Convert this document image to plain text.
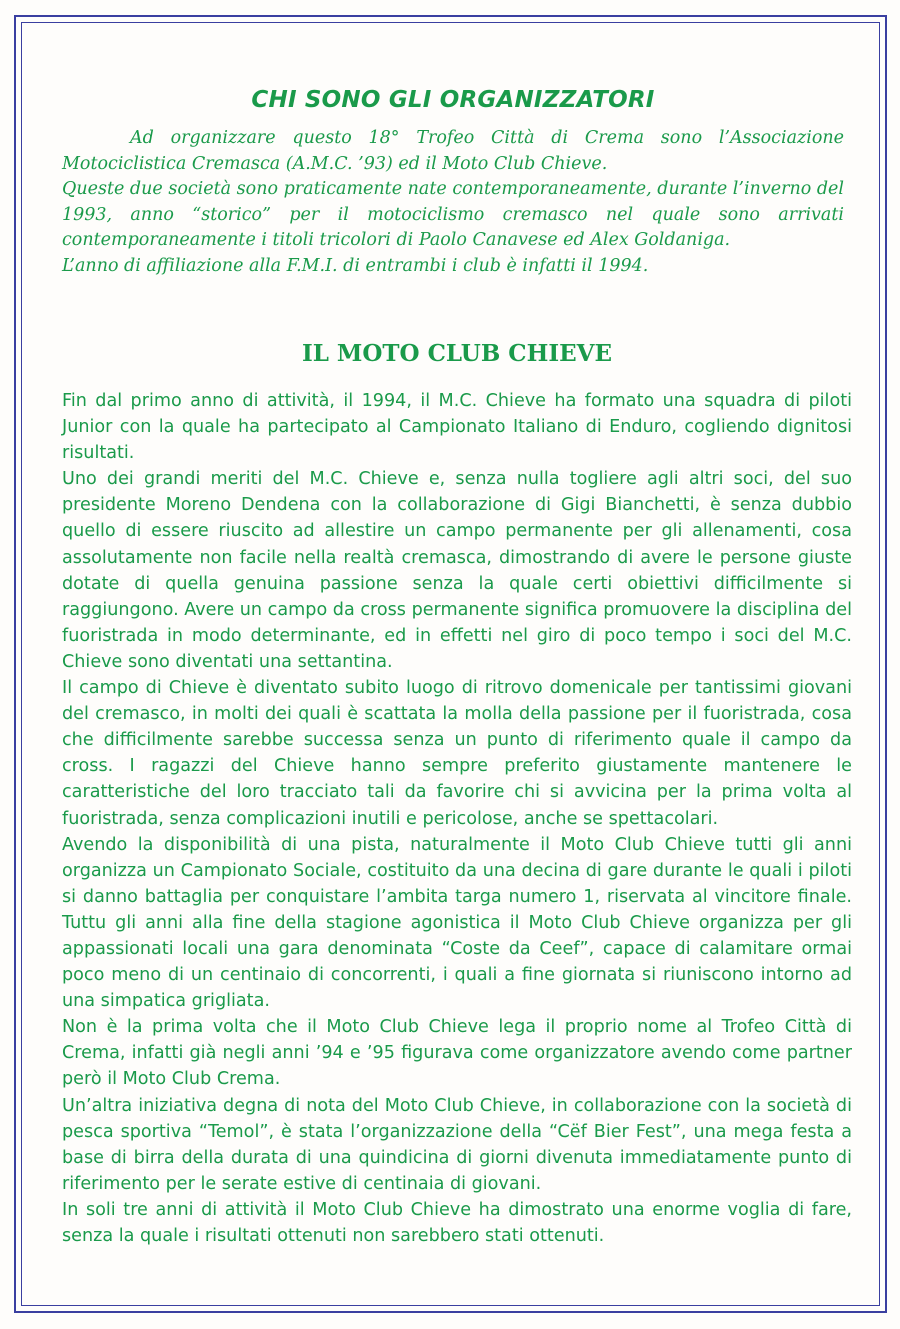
CHI SONO GLI ORGANIZZATORI

Ad organizzare questo 18° Trofeo Città di Crema sono l’Associazione Motociclistica Cremasca (A.M.C. ’93) ed il Moto Club Chieve.

Queste due società sono praticamente nate contemporaneamente, durante l’inverno del 1993, anno “storico” per il motociclismo cremasco nel quale sono arrivati contemporaneamente i titoli tricolori di Paolo Canavese ed Alex Goldaniga.

L’anno di affiliazione alla F.M.I. di entrambi i club è infatti il 1994.

IL MOTO CLUB CHIEVE

Fin dal primo anno di attività, il 1994, il M.C. Chieve ha formato una squadra di piloti Junior con la quale ha partecipato al Campionato Italiano di Enduro, cogliendo dignitosi risultati.

Uno dei grandi meriti del M.C. Chieve e, senza nulla togliere agli altri soci, del suo presidente Moreno Dendena con la collaborazione di Gigi Bianchetti, è senza dubbio quello di essere riuscito ad allestire un campo permanente per gli allenamenti, cosa assolutamente non facile nella realtà cremasca, dimostrando di avere le persone giuste dotate di quella genuina passione senza la quale certi obiettivi difficilmente si raggiungono. Avere un campo da cross permanente significa promuovere la disciplina del fuoristrada in modo determinante, ed in effetti nel giro di poco tempo i soci del M.C. Chieve sono diventati una settantina.

Il campo di Chieve è diventato subito luogo di ritrovo domenicale per tantissimi giovani del cremasco, in molti dei quali è scattata la molla della passione per il fuoristrada, cosa che difficilmente sarebbe successa senza un punto di riferimento quale il campo da cross. I ragazzi del Chieve hanno sempre preferito giustamente mantenere le caratteristiche del loro tracciato tali da favorire chi si avvicina per la prima volta al fuoristrada, senza complicazioni inutili e pericolose, anche se spettacolari.

Avendo la disponibilità di una pista, naturalmente il Moto Club Chieve tutti gli anni organizza un Campionato Sociale, costituito da una decina di gare durante le quali i piloti si danno battaglia per conquistare l’ambita targa numero 1, riservata al vincitore finale. Tuttu gli anni alla fine della stagione agonistica il Moto Club Chieve organizza per gli appassionati locali una gara denominata “Coste da Ceef”, capace di calamitare ormai poco meno di un centinaio di concorrenti, i quali a fine giornata si riuniscono intorno ad una simpatica grigliata.

Non è la prima volta che il Moto Club Chieve lega il proprio nome al Trofeo Città di Crema, infatti già negli anni ’94 e ’95 figurava come organizzatore avendo come partner però il Moto Club Crema.

Un’altra iniziativa degna di nota del Moto Club Chieve, in collaborazione con la società di pesca sportiva “Temol”, è stata l’organizzazione della “Cëf Bier Fest”, una mega festa a base di birra della durata di una quindicina di giorni divenuta immediatamente punto di riferimento per le serate estive di centinaia di giovani.

In soli tre anni di attività il Moto Club Chieve ha dimostrato una enorme voglia di fare, senza la quale i risultati ottenuti non sarebbero stati ottenuti.
